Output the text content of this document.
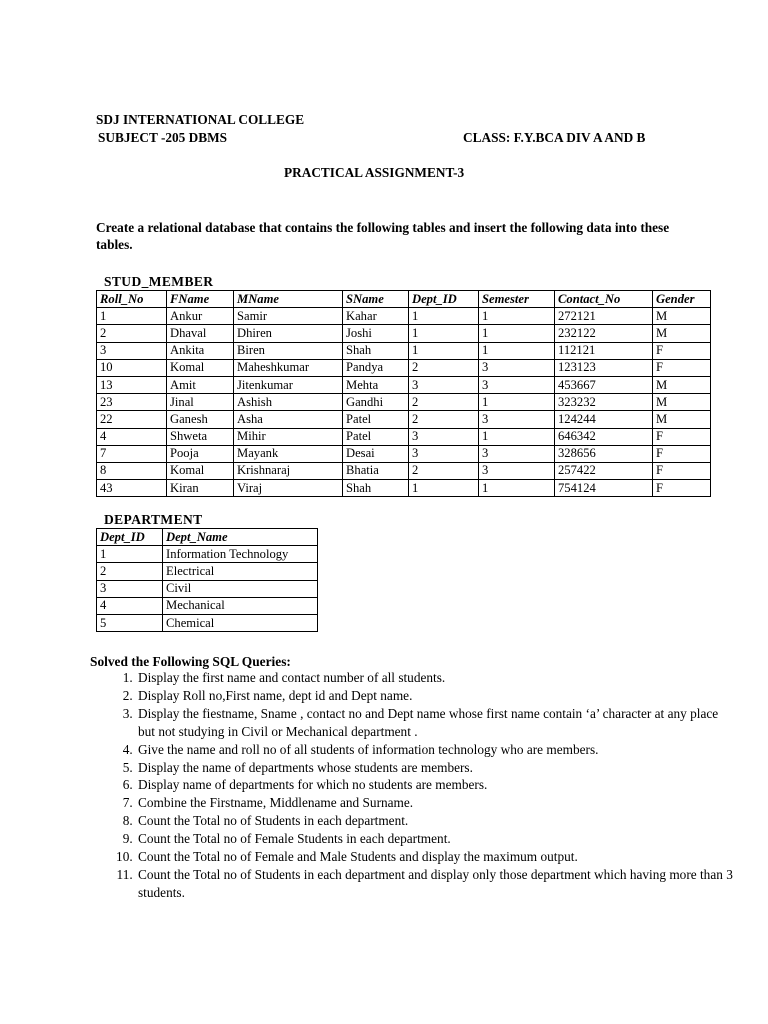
SDJ INTERNATIONAL COLLEGE
SUBJECT -205 DBMS	CLASS: F.Y.BCA DIV A AND B
PRACTICAL ASSIGNMENT-3
Create a relational database that contains the following tables and insert the following data into these tables.
STUD_MEMBER
Roll_No	FName	MName	SName	Dept_ID	Semester	Contact_No	Gender
1	Ankur	Samir	Kahar	1	1	272121	M
2	Dhaval	Dhiren	Joshi	1	1	232122	M
3	Ankita	Biren	Shah	1	1	112121	F
10	Komal	Maheshkumar	Pandya	2	3	123123	F
13	Amit	Jitenkumar	Mehta	3	3	453667	M
23	Jinal	Ashish	Gandhi	2	1	323232	M
22	Ganesh	Asha	Patel	2	3	124244	M
4	Shweta	Mihir	Patel	3	1	646342	F
7	Pooja	Mayank	Desai	3	3	328656	F
8	Komal	Krishnaraj	Bhatia	2	3	257422	F
43	Kiran	Viraj	Shah	1	1	754124	F
DEPARTMENT
Dept_ID	Dept_Name
1	Information Technology
2	Electrical
3	Civil
4	Mechanical
5	Chemical
Solved the Following SQL Queries:
1. Display the first name and contact number of all students.
2. Display Roll no,First name, dept id and Dept name.
3. Display the fiestname, Sname , contact no and Dept name whose first name contain ‘a’ character at any place but not studying in Civil or Mechanical department .
4. Give the name and roll no of all students of information technology who are members.
5. Display the name of departments whose students are members.
6. Display name of departments for which no students are members.
7. Combine the Firstname, Middlename and Surname.
8. Count the Total no of Students in each department.
9. Count the Total no of Female Students in each department.
10. Count the Total no of Female and Male Students and display the maximum output.
11. Count the Total no of Students in each department and display only those department which having more than 3 students.
